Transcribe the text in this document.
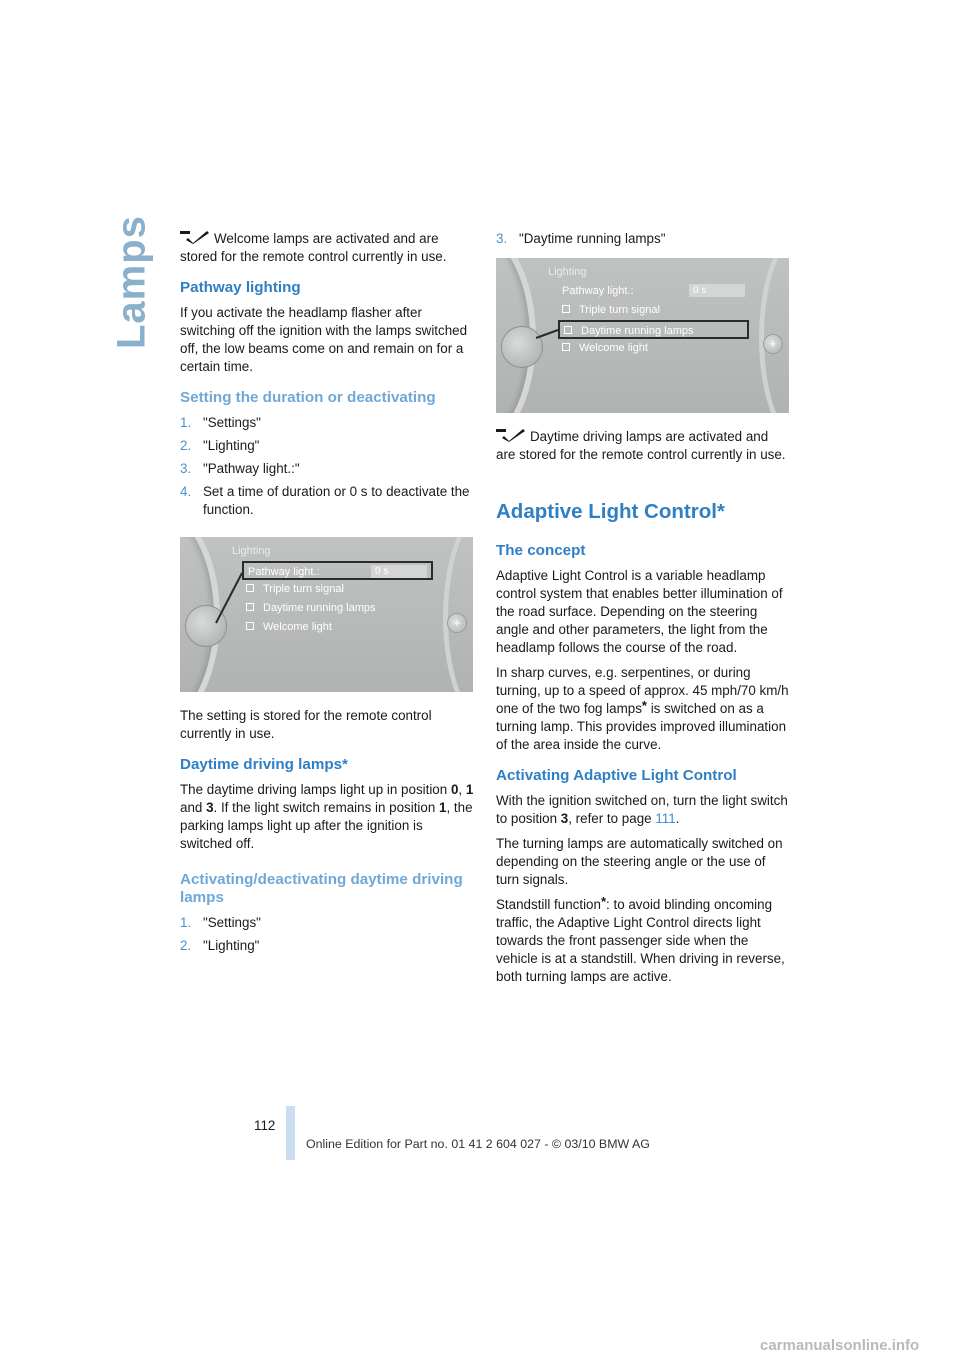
Lamps	Welcome lamps are activated and are stored for the remote control currently in use.

Pathway lighting

If you activate the headlamp flasher after switching off the ignition with the lamps switched off, the low beams come on and remain on for a certain time.

Setting the duration or deactivating
1. "Settings"
2. "Lighting"
3. "Pathway light.:"
4. Set a time of duration or 0 s to deactivate the function.
+
Lighting
Pathway light.:	0 s
Triple turn signal
Daytime running lamps
Welcome light

The setting is stored for the remote control currently in use.

Daytime driving lamps*

The daytime driving lamps light up in position 0, 1 and 3. If the light switch remains in position 1, the parking lamps light up after the ignition is switched off.

Activating/deactivating daytime driving lamps
1. "Settings"
2. "Lighting"
3. "Daytime running lamps"
+
Lighting
Pathway light.:	0 s
Triple turn signal
Daytime running lamps
Welcome light

Daytime driving lamps are activated and are stored for the remote control currently in use.

Adaptive Light Control*
The concept

Adaptive Light Control is a variable headlamp control system that enables better illumination of the road surface. Depending on the steering angle and other parameters, the light from the headlamp follows the course of the road.

In sharp curves, e.g. serpentines, or during turning, up to a speed of approx. 45 mph/70 km/h one of the two fog lamps* is switched on as a turning lamp. This provides improved illumination of the area inside the curve.

Activating Adaptive Light Control

With the ignition switched on, turn the light switch to position 3, refer to page 111.

The turning lamps are automatically switched on depending on the steering angle or the use of turn signals.

Standstill function*: to avoid blinding oncoming traffic, the Adaptive Light Control directs light towards the front passenger side when the vehicle is at a standstill. When driving in reverse, both turning lamps are active.

112
Online Edition for Part no. 01 41 2 604 027 - © 03/10 BMW AG
carmanualsonline.info
